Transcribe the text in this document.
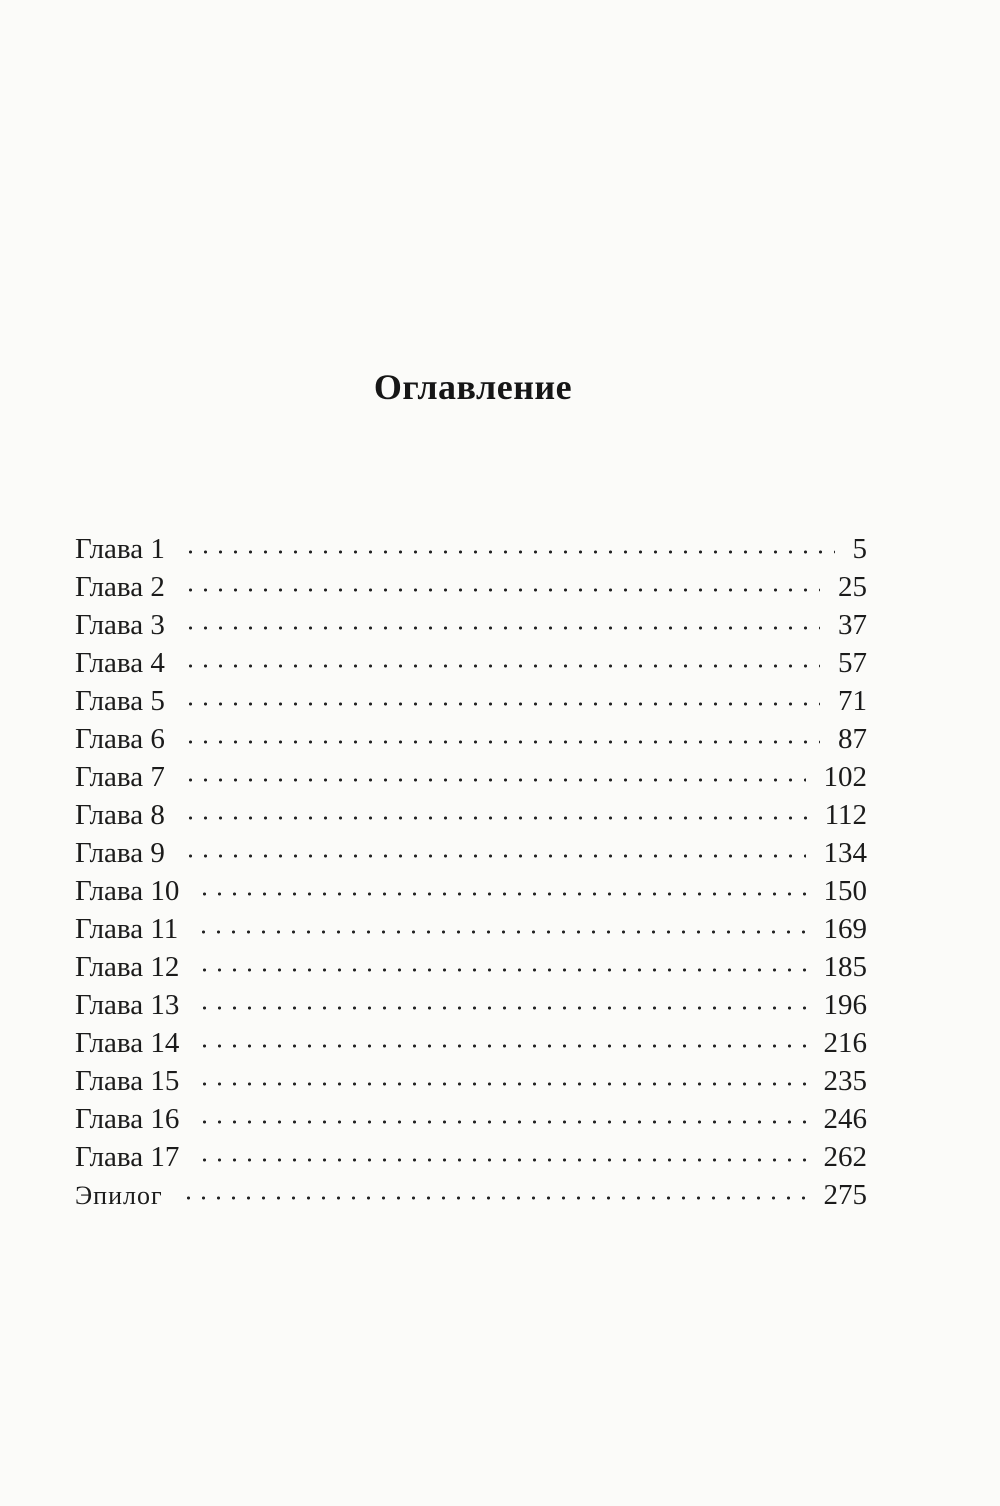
Оглавление
Глава 1	5
Глава 2	25
Глава 3	37
Глава 4	57
Глава 5	71
Глава 6	87
Глава 7	102
Глава 8	112
Глава 9	134
Глава 10	150
Глава 11	169
Глава 12	185
Глава 13	196
Глава 14	216
Глава 15	235
Глава 16	246
Глава 17	262
Эпилог	275
